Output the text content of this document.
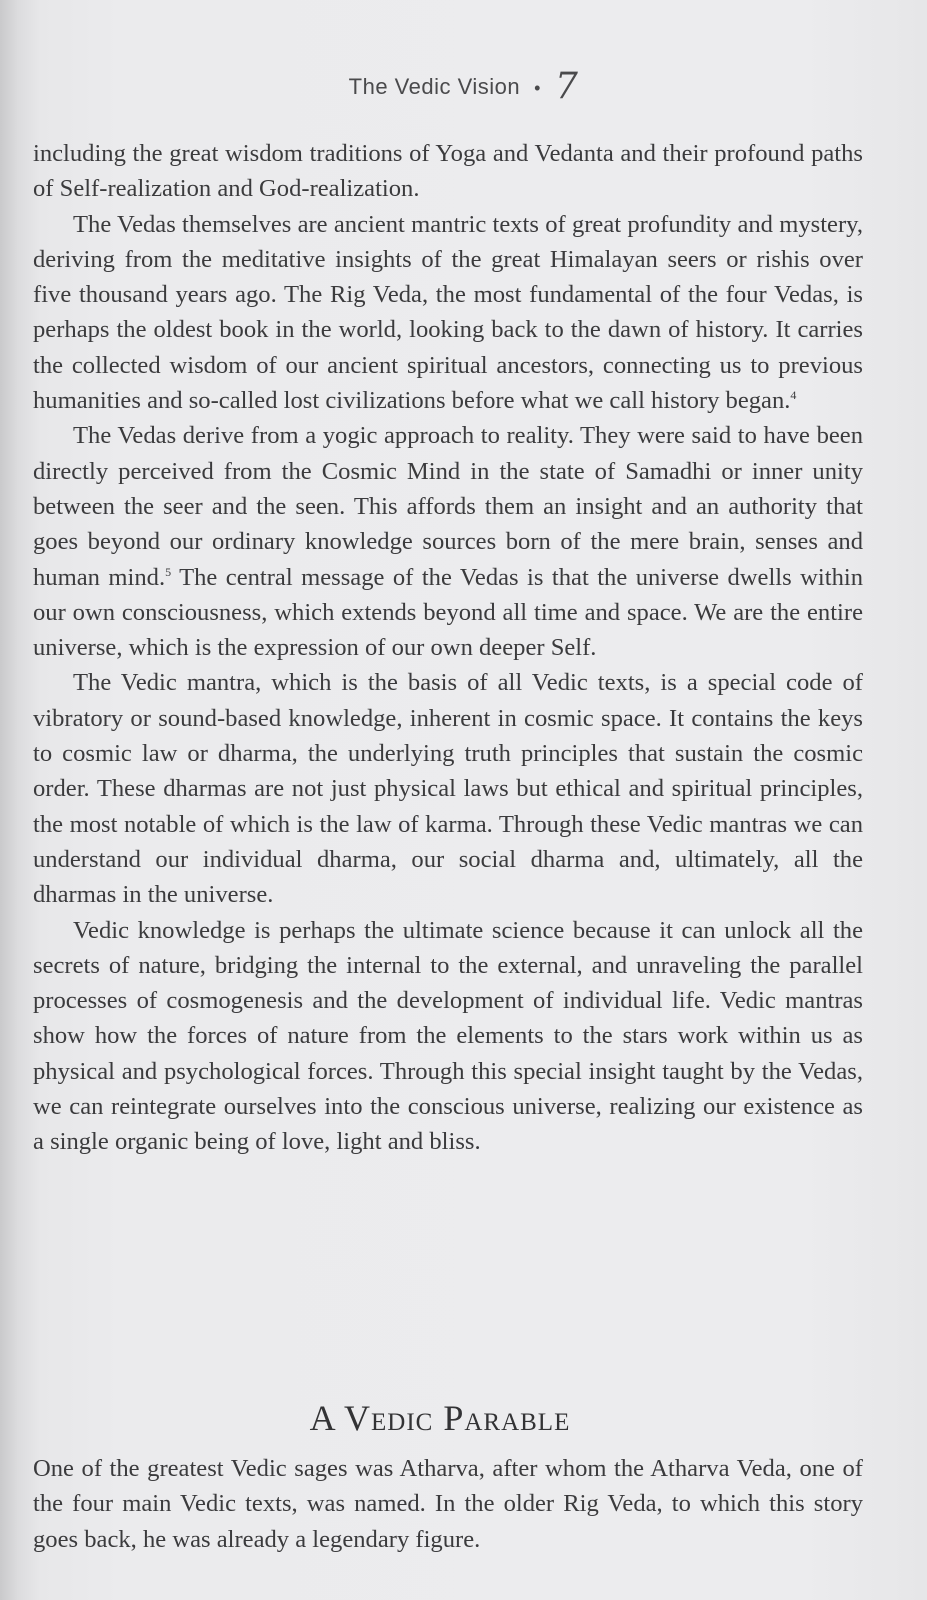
The Vedic Vision • 7

including the great wisdom traditions of Yoga and Vedanta and their profound paths of Self-realization and God-realization.

The Vedas themselves are ancient mantric texts of great profundity and mystery, deriving from the meditative insights of the great Himalayan seers or rishis over five thousand years ago. The Rig Veda, the most fundamental of the four Vedas, is perhaps the oldest book in the world, looking back to the dawn of history. It carries the collected wisdom of our ancient spiritual ancestors, connecting us to previous humanities and so-called lost civilizations before what we call history began.$^4$

The Vedas derive from a yogic approach to reality. They were said to have been directly perceived from the Cosmic Mind in the state of Samadhi or inner unity between the seer and the seen. This affords them an insight and an authority that goes beyond our ordinary knowledge sources born of the mere brain, senses and human mind.$^5$ The central message of the Vedas is that the universe dwells within our own consciousness, which extends beyond all time and space. We are the entire universe, which is the expression of our own deeper Self.

The Vedic mantra, which is the basis of all Vedic texts, is a special code of vibratory or sound-based knowledge, inherent in cosmic space. It contains the keys to cosmic law or dharma, the underlying truth principles that sustain the cosmic order. These dharmas are not just physical laws but ethical and spiritual principles, the most notable of which is the law of karma. Through these Vedic mantras we can understand our individual dharma, our social dharma and, ultimately, all the dharmas in the universe.

Vedic knowledge is perhaps the ultimate science because it can unlock all the secrets of nature, bridging the internal to the external, and unraveling the parallel processes of cosmogenesis and the development of individual life. Vedic mantras show how the forces of nature from the elements to the stars work within us as physical and psychological forces. Through this special insight taught by the Vedas, we can reintegrate ourselves into the conscious universe, realizing our existence as a single organic being of love, light and bliss.

A Vedic Parable

One of the greatest Vedic sages was Atharva, after whom the Atharva Veda, one of the four main Vedic texts, was named. In the older Rig Veda, to which this story goes back, he was already a legendary figure.
